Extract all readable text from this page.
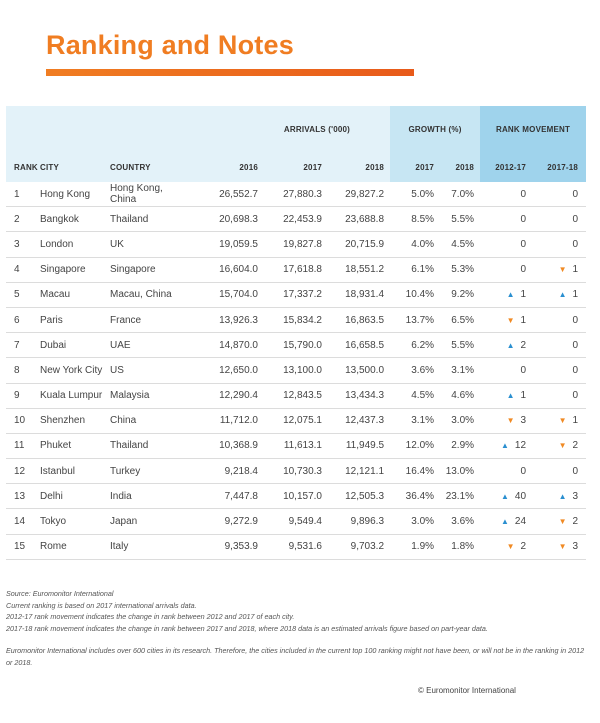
Ranking and Notes
			ARRIVALS ('000)			GROWTH (%)		RANK MOVEMENT	
RANK	CITY	COUNTRY	2016	2017	2018	2017	2018	2012-17	2017-18
1	Hong Kong	Hong Kong, China	26,552.7	27,880.3	29,827.2	5.0%	7.0%	0	0
2	Bangkok	Thailand	20,698.3	22,453.9	23,688.8	8.5%	5.5%	0	0
3	London	UK	19,059.5	19,827.8	20,715.9	4.0%	4.5%	0	0
4	Singapore	Singapore	16,604.0	17,618.8	18,551.2	6.1%	5.3%	0	▼ 1
5	Macau	Macau, China	15,704.0	17,337.2	18,931.4	10.4%	9.2%	▲ 1	▲ 1
6	Paris	France	13,926.3	15,834.2	16,863.5	13.7%	6.5%	▼ 1	0
7	Dubai	UAE	14,870.0	15,790.0	16,658.5	6.2%	5.5%	▲ 2	0
8	New York City	US	12,650.0	13,100.0	13,500.0	3.6%	3.1%	0	0
9	Kuala Lumpur	Malaysia	12,290.4	12,843.5	13,434.3	4.5%	4.6%	▲ 1	0
10	Shenzhen	China	11,712.0	12,075.1	12,437.3	3.1%	3.0%	▼ 3	▼ 1
11	Phuket	Thailand	10,368.9	11,613.1	11,949.5	12.0%	2.9%	▲ 12	▼ 2
12	Istanbul	Turkey	9,218.4	10,730.3	12,121.1	16.4%	13.0%	0	0
13	Delhi	India	7,447.8	10,157.0	12,505.3	36.4%	23.1%	▲ 40	▲ 3
14	Tokyo	Japan	9,272.9	9,549.4	9,896.3	3.0%	3.6%	▲ 24	▼ 2
15	Rome	Italy	9,353.9	9,531.6	9,703.2	1.9%	1.8%	▼ 2	▼ 3

Source: Euromonitor International

Current ranking is based on 2017 international arrivals data.

2012-17 rank movement indicates the change in rank between 2012 and 2017 of each city.

2017-18 rank movement indicates the change in rank between 2017 and 2018, where 2018 data is an estimated arrivals figure based on part-year data.

Euromonitor International includes over 600 cities in its research. Therefore, the cities included in the current top 100 ranking might not have been, or will not be in the ranking in 2012 or 2018.

© Euromonitor International
